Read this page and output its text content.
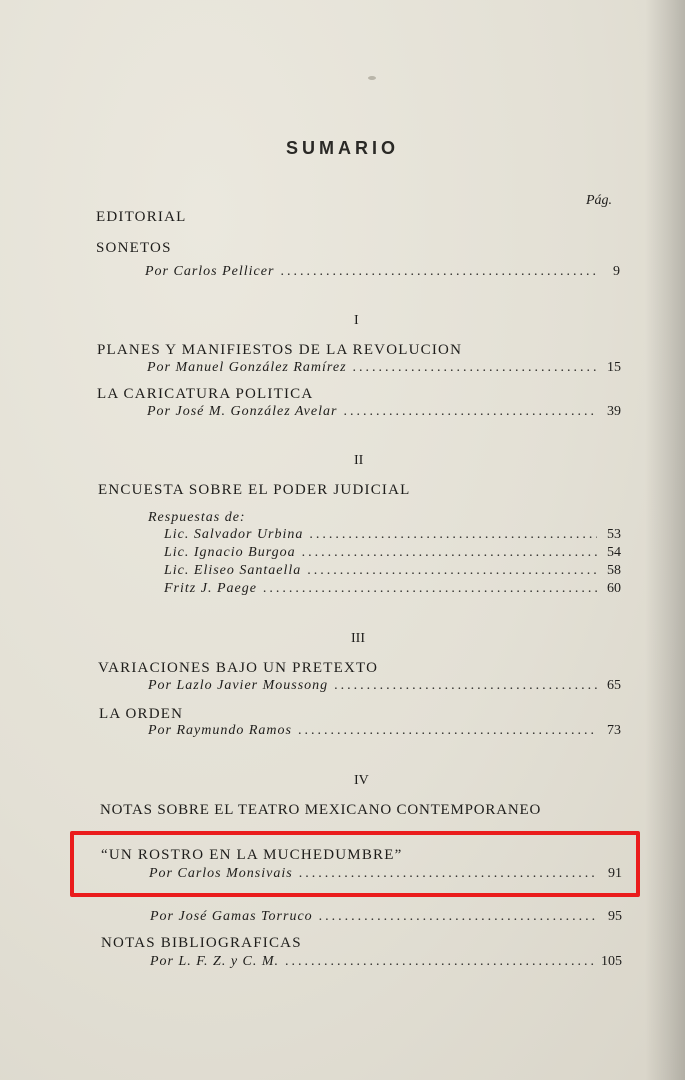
SUMARIO
Pág.
EDITORIAL
SONETOS
Por Carlos Pellicer .....	9
I
PLANES Y MANIFIESTOS DE LA REVOLUCION
Por Manuel González Ramírez .....	15
LA CARICATURA POLITICA
Por José M. González Avelar .....	39
II
ENCUESTA SOBRE EL PODER JUDICIAL
Respuestas de:
Lic. Salvador Urbina .....	53
Lic. Ignacio Burgoa .....	54
Lic. Eliseo Santaella .....	58
Fritz J. Paege .....	60
III
VARIACIONES BAJO UN PRETEXTO
Por Lazlo Javier Moussong .....	65
LA ORDEN
Por Raymundo Ramos .....	73
IV
NOTAS SOBRE EL TEATRO MEXICANO CONTEMPORANEO
“UN ROSTRO EN LA MUCHEDUMBRE”
Por Carlos Monsivais .....	91
Por José Gamas Torruco .....	95
NOTAS BIBLIOGRAFICAS
Por L. F. Z. y C. M. .....	105
